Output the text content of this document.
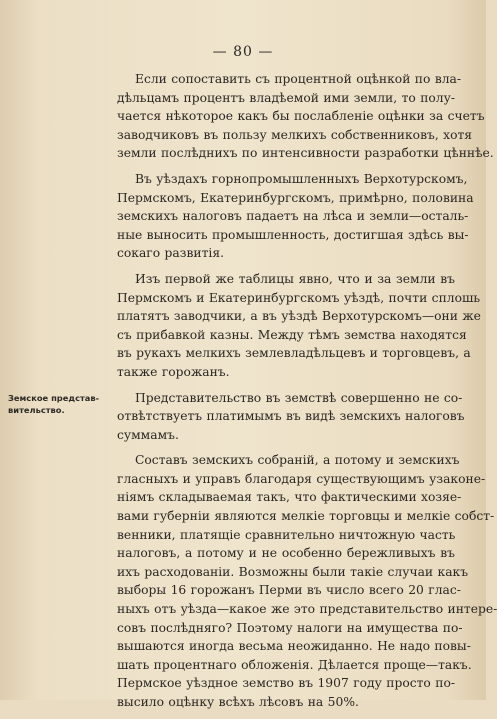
— 80 —
Земское представ-
вительство.

Если сопоставить съ процентной оцѣнкой по вла-
дѣльцамъ процентъ владѣемой ими земли, то полу-
чается нѣкоторое какъ бы послабленіе оцѣнки за счетъ
заводчиковъ въ пользу мелкихъ собственниковъ, хотя
земли послѣднихъ по интенсивности разработки цѣннѣе.

Въ уѣздахъ горнопромышленныхъ Верхотурскомъ,
Пермскомъ, Екатеринбургскомъ, примѣрно, половина
земскихъ налоговъ падаетъ на лѣса и земли—осталь-
ные выносить промышленность, достигшая здѣсь вы-
сокаго развитія.

Изъ первой же таблицы явно, что и за земли въ
Пермскомъ и Екатеринбургскомъ уѣздѣ, почти сплошь
платятъ заводчики, а въ уѣздѣ Верхотурскомъ—они же
съ прибавкой казны. Между тѣмъ земства находятся
въ рукахъ мелкихъ землевладѣльцевъ и торговцевъ, а
также горожанъ.

Представительство въ земствѣ совершенно не со-
отвѣтствуетъ платимымъ въ видѣ земскихъ налоговъ
суммамъ.

Составъ земскихъ собраній, а потому и земскихъ
гласныхъ и управъ благодаря существующимъ узаконе-
ніямъ складываемая такъ, что фактическими хозяе-
вами губерніи являются мелкіе торговцы и мелкіе собст-
венники, платящіе сравнительно ничтожную часть
налоговъ, а потому и не особенно бережливыхъ въ
ихъ расходованіи. Возможны были такіе случаи какъ
выборы 16 горожанъ Перми въ число всего 20 глас-
ныхъ отъ уѣзда—какое же это представительство интере-
совъ послѣдняго? Поэтому налоги на имущества по-
вышаются иногда весьма неожиданно. Не надо повы-
шать процентнаго обложенія. Дѣлается проще—такъ.
Пермское уѣздное земство въ 1907 году просто по-
высило оцѣнку всѣхъ лѣсовъ на 50%.
